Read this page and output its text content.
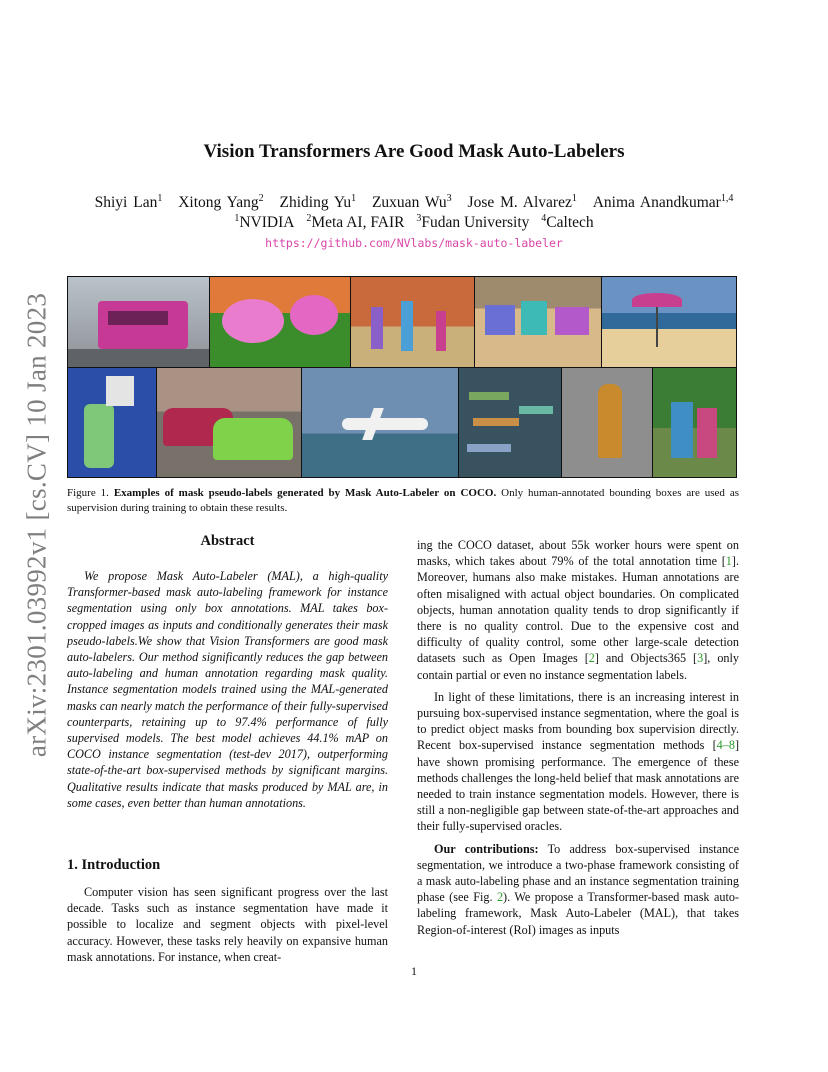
arXiv:2301.03992v1 [cs.CV] 10 Jan 2023
Vision Transformers Are Good Mask Auto-Labelers
Shiyi Lan$^1$ Xitong Yang$^2$ Zhiding Yu$^1$ Zuxuan Wu$^3$ Jose M. Alvarez$^1$ Anima Anandkumar$^{1,4}$
$^1$NVIDIA $^2$Meta AI, FAIR $^3$Fudan University $^4$Caltech
https://github.com/NVlabs/mask-auto-labeler
Figure 1. Examples of mask pseudo-labels generated by Mask Auto-Labeler on COCO. Only human-annotated bounding boxes are used as supervision during training to obtain these results.
Abstract
We propose Mask Auto-Labeler (MAL), a high-quality Transformer-based mask auto-labeling framework for instance segmentation using only box annotations. MAL takes box-cropped images as inputs and conditionally generates their mask pseudo-labels.We show that Vision Transformers are good mask auto-labelers. Our method significantly reduces the gap between auto-labeling and human annotation regarding mask quality. Instance segmentation models trained using the MAL-generated masks can nearly match the performance of their fully-supervised counterparts, retaining up to 97.4% performance of fully supervised models. The best model achieves 44.1% mAP on COCO instance segmentation (test-dev 2017), outperforming state-of-the-art box-supervised methods by significant margins. Qualitative results indicate that masks produced by MAL are, in some cases, even better than human annotations.
1. Introduction
Computer vision has seen significant progress over the last decade. Tasks such as instance segmentation have made it possible to localize and segment objects with pixel-level accuracy. However, these tasks rely heavily on expansive human mask annotations. For instance, when creat-

ing the COCO dataset, about 55k worker hours were spent on masks, which takes about 79% of the total annotation time [1]. Moreover, humans also make mistakes. Human annotations are often misaligned with actual object boundaries. On complicated objects, human annotation quality tends to drop significantly if there is no quality control. Due to the expensive cost and difficulty of quality control, some other large-scale detection datasets such as Open Images [2] and Objects365 [3], only contain partial or even no instance segmentation labels.

In light of these limitations, there is an increasing interest in pursuing box-supervised instance segmentation, where the goal is to predict object masks from bounding box supervision directly. Recent box-supervised instance segmentation methods [4–8] have shown promising performance. The emergence of these methods challenges the long-held belief that mask annotations are needed to train instance segmentation models. However, there is still a non-negligible gap between state-of-the-art approaches and their fully-supervised oracles.

Our contributions: To address box-supervised instance segmentation, we introduce a two-phase framework consisting of a mask auto-labeling phase and an instance segmentation training phase (see Fig. 2). We propose a Transformer-based mask auto-labeling framework, Mask Auto-Labeler (MAL), that takes Region-of-interest (RoI) images as inputs

1
